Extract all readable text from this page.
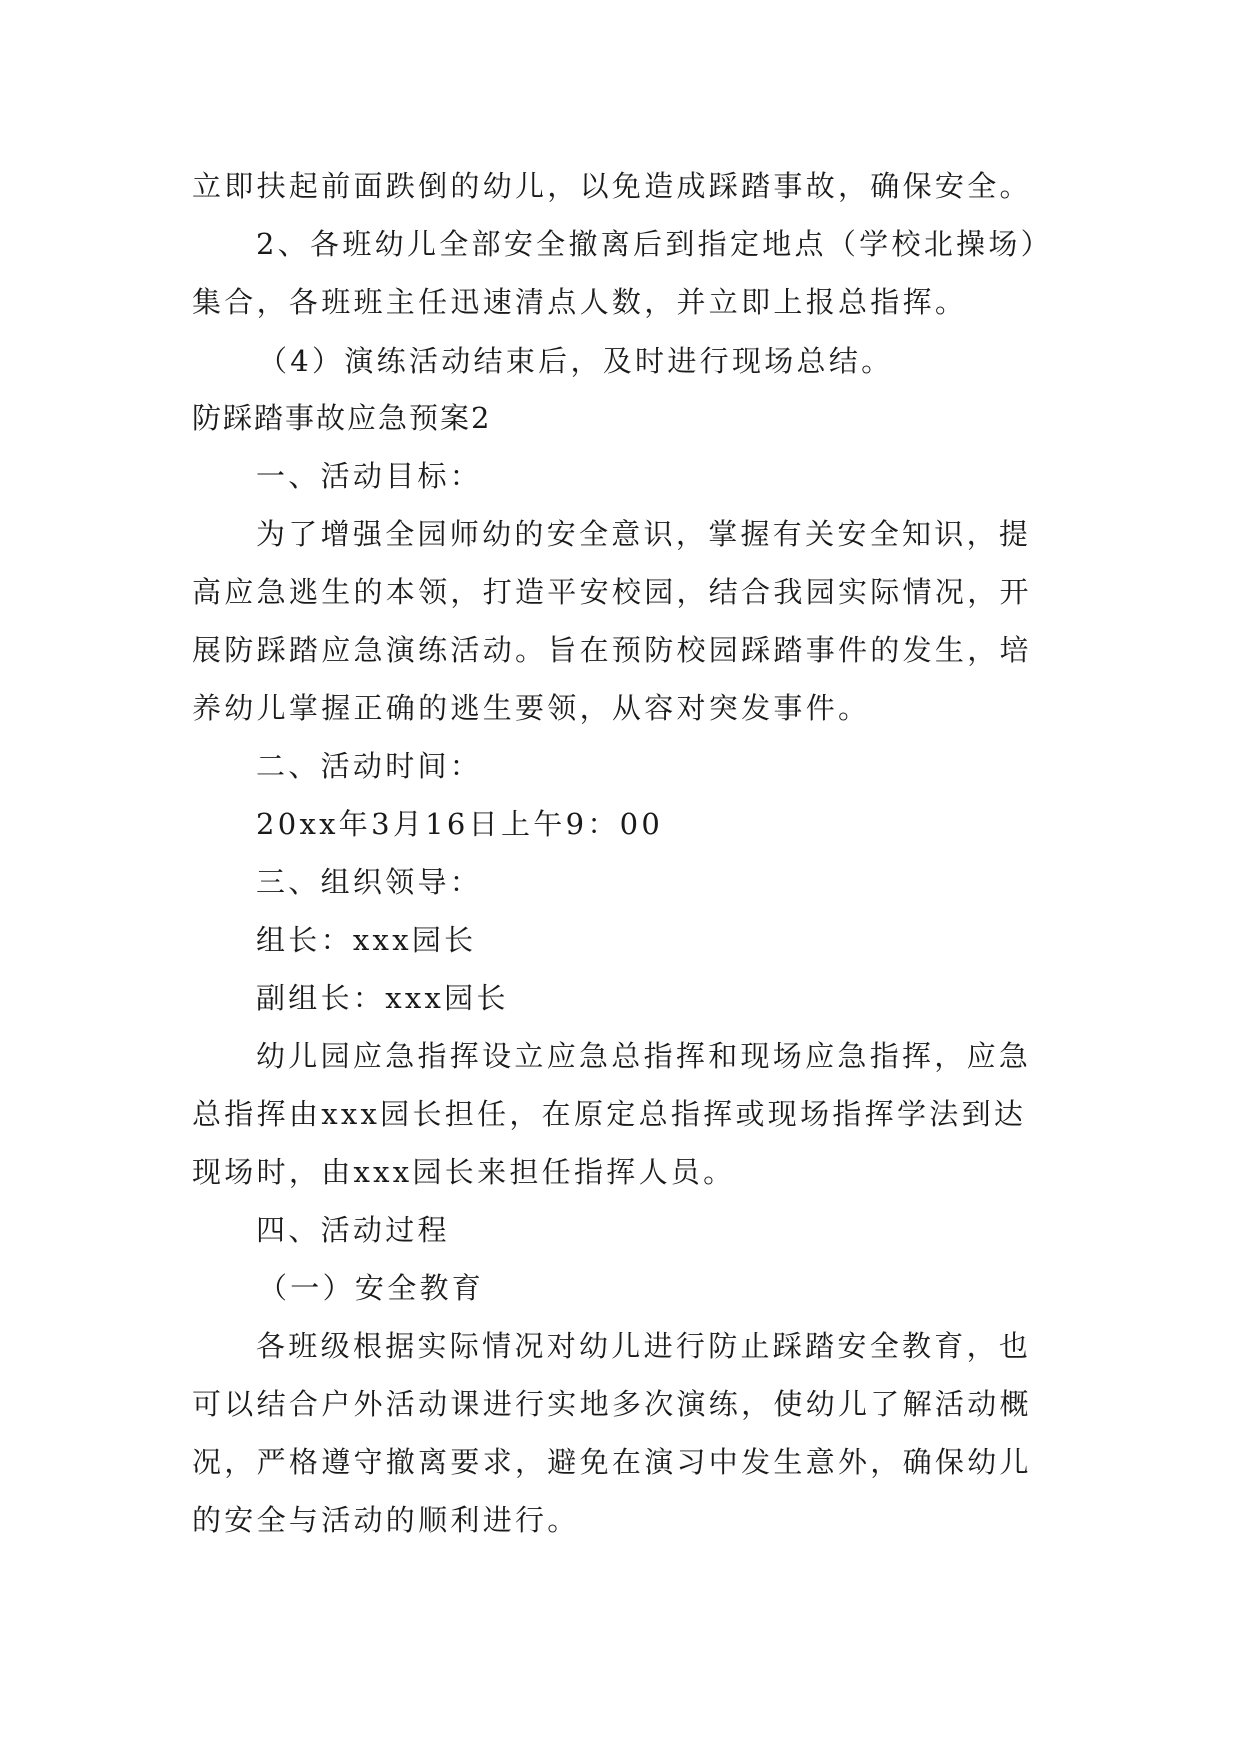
立即扶起前面跌倒的幼儿，以免造成踩踏事故，确保安全。
2、各班幼儿全部安全撤离后到指定地点（学校北操场）
集合，各班班主任迅速清点人数，并立即上报总指挥。
（4）演练活动结束后，及时进行现场总结。
防踩踏事故应急预案2
一、活动目标：
为了增强全园师幼的安全意识，掌握有关安全知识，提
高应急逃生的本领，打造平安校园，结合我园实际情况，开
展防踩踏应急演练活动。旨在预防校园踩踏事件的发生，培
养幼儿掌握正确的逃生要领，从容对突发事件。
二、活动时间：
20xx年3月16日上午9：00
三、组织领导：
组长：xxx园长
副组长：xxx园长
幼儿园应急指挥设立应急总指挥和现场应急指挥，应急
总指挥由xxx园长担任，在原定总指挥或现场指挥学法到达
现场时，由xxx园长来担任指挥人员。
四、活动过程
（一）安全教育
各班级根据实际情况对幼儿进行防止踩踏安全教育，也
可以结合户外活动课进行实地多次演练，使幼儿了解活动概
况，严格遵守撤离要求，避免在演习中发生意外，确保幼儿
的安全与活动的顺利进行。
